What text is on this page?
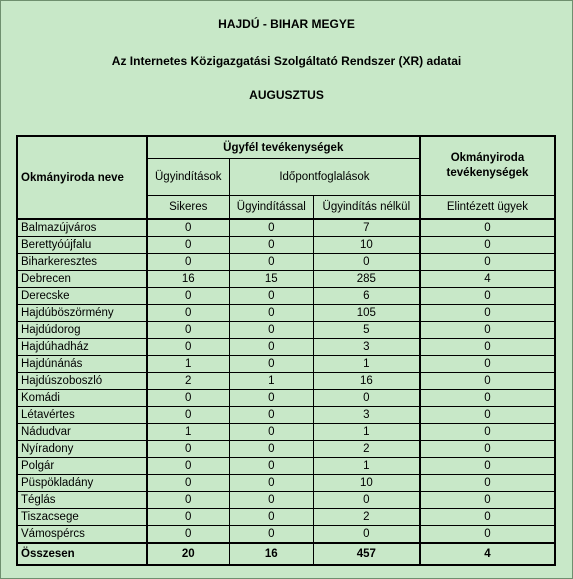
HAJDÚ - BIHAR MEGYE
Az Internetes Közigazgatási Szolgáltató Rendszer (XR) adatai
AUGUSZTUS
Okmányiroda neve	Ügyfél tevékenységek			Okmányiroda tevékenységek
	Ügyindítások	Időpontfoglalások		
	Sikeres	Ügyindítással	Ügyindítás nélkül	Elintézett ügyek
Balmazújváros	0	0	7	0
Berettyóújfalu	0	0	10	0
Biharkeresztes	0	0	0	0
Debrecen	16	15	285	4
Derecske	0	0	6	0
Hajdúböszörmény	0	0	105	0
Hajdúdorog	0	0	5	0
Hajdúhadház	0	0	3	0
Hajdúnánás	1	0	1	0
Hajdúszoboszló	2	1	16	0
Komádi	0	0	0	0
Létavértes	0	0	3	0
Nádudvar	1	0	1	0
Nyíradony	0	0	2	0
Polgár	0	0	1	0
Püspökladány	0	0	10	0
Téglás	0	0	0	0
Tiszacsege	0	0	2	0
Vámospércs	0	0	0	0
Összesen	20	16	457	4
